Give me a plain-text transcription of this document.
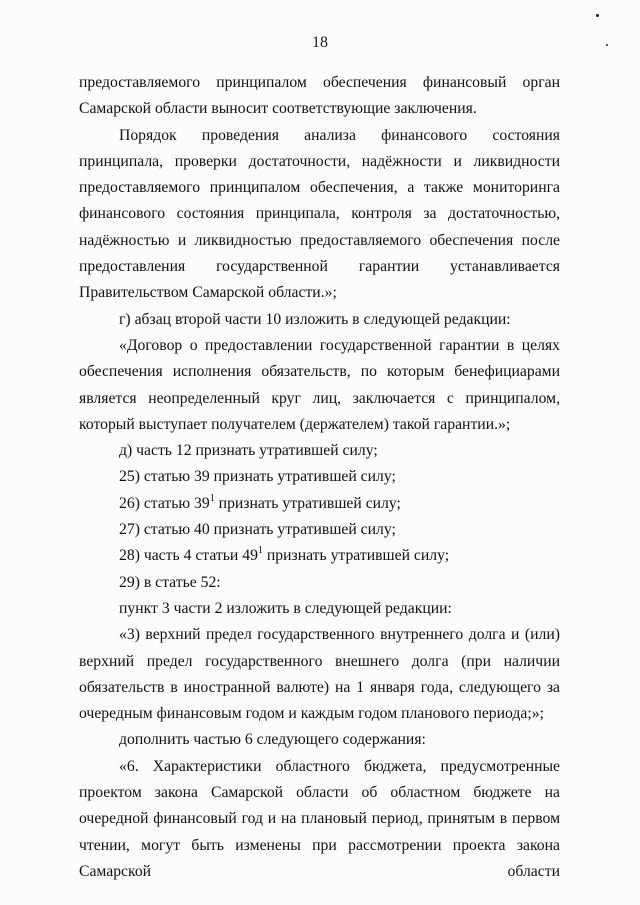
18

предоставляемого принципалом обеспечения финансовый орган Самарской области выносит соответствующие заключения.

Порядок проведения анализа финансового состояния принципала, проверки достаточности, надёжности и ликвидности предоставляемого принципалом обеспечения, а также мониторинга финансового состояния принципала, контроля за достаточностью, надёжностью и ликвидностью предоставляемого обеспечения после предоставления государственной гарантии устанавливается Правительством Самарской области.»;

г) абзац второй части 10 изложить в следующей редакции:

«Договор о предоставлении государственной гарантии в целях обеспечения исполнения обязательств, по которым бенефициарами является неопределенный круг лиц, заключается с принципалом, который выступает получателем (держателем) такой гарантии.»;

д) часть 12 признать утратившей силу;

25) статью 39 признать утратившей силу;

26) статью $39^1$ признать утратившей силу;

27) статью 40 признать утратившей силу;

28) часть 4 статьи $49^1$ признать утратившей силу;

29) в статье 52:

пункт 3 части 2 изложить в следующей редакции:

«3) верхний предел государственного внутреннего долга и (или) верхний предел государственного внешнего долга (при наличии обязательств в иностранной валюте) на 1 января года, следующего за очередным финансовым годом и каждым годом планового периода;»;

дополнить частью 6 следующего содержания:

«6. Характеристики областного бюджета, предусмотренные проектом закона Самарской области об областном бюджете на очередной финансовый год и на плановый период, принятым в первом чтении, могут быть изменены при рассмотрении проекта закона Самарской области
